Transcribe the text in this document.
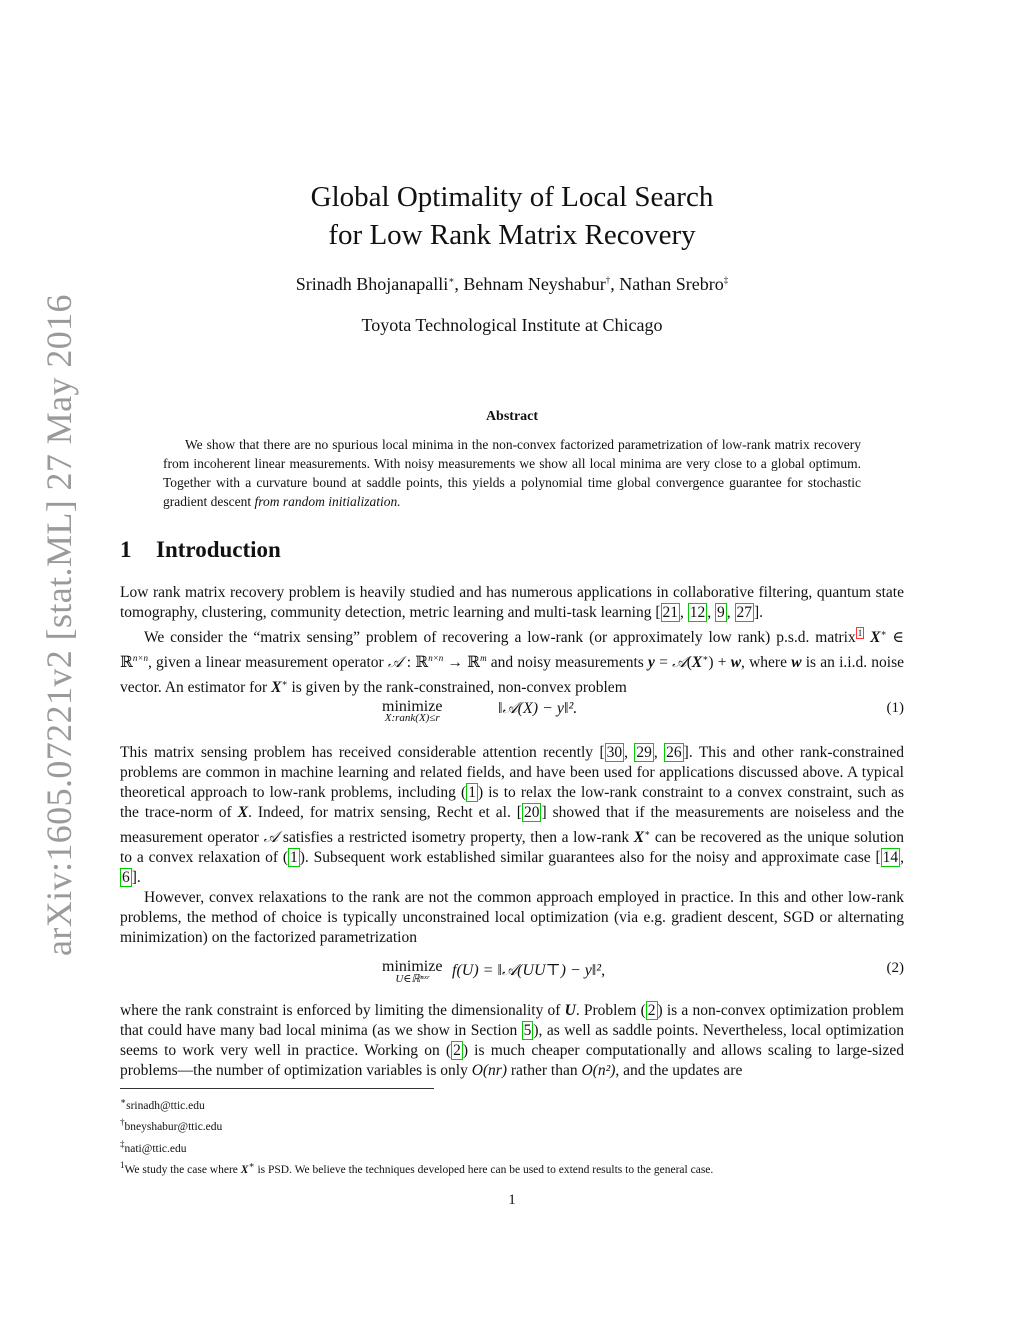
arXiv:1605.07221v2 [stat.ML] 27 May 2016
Global Optimality of Local Search
for Low Rank Matrix Recovery
Srinadh Bhojanapalli∗, Behnam Neyshabur†, Nathan Srebro‡
Toyota Technological Institute at Chicago
Abstract

We show that there are no spurious local minima in the non-convex factorized parametrization of low-rank matrix recovery from incoherent linear measurements. With noisy measurements we show all local minima are very close to a global optimum. Together with a curvature bound at saddle points, this yields a polynomial time global convergence guarantee for stochastic gradient descent from random initialization.

1 Introduction

Low rank matrix recovery problem is heavily studied and has numerous applications in collaborative filtering, quantum state tomography, clustering, community detection, metric learning and multi-task learning [ 21 , 12 , 9 , 27 ].

We consider the “matrix sensing” problem of recovering a low-rank (or approximately low rank) p.s.d. matrix $^1$ X∗ ∈ ℝ$^{n\times n}$, given a linear measurement operator 𝒜 : ℝ$^{n\times n}$ → ℝ$^m$ and noisy measurements y = 𝒜(X∗) + w, where w is an i.i.d. noise vector. An estimator for X∗ is given by the rank-constrained, non-convex problem

minimize
X:rank(X)≤r
‖𝒜(X) − y‖².	(1)

This matrix sensing problem has received considerable attention recently [ 30 , 29 , 26 ]. This and other rank-constrained problems are common in machine learning and related fields, and have been used for applications discussed above. A typical theoretical approach to low-rank problems, including ( 1 ) is to relax the low-rank constraint to a convex constraint, such as the trace-norm of X. Indeed, for matrix sensing, Recht et al. [ 20 ] showed that if the measurements are noiseless and the measurement operator 𝒜 satisfies a restricted isometry property, then a low-rank X∗ can be recovered as the unique solution to a convex relaxation of ( 1 ). Subsequent work established similar guarantees also for the noisy and approximate case [ 14 , 6 ].

However, convex relaxations to the rank are not the common approach employed in practice. In this and other low-rank problems, the method of choice is typically unconstrained local optimization (via e.g. gradient descent, SGD or alternating minimization) on the factorized parametrization

minimize
U∈ℝⁿˣʳ	f(U) = ‖𝒜(UU⊤) − y‖²,	(2)

where the rank constraint is enforced by limiting the dimensionality of U. Problem ( 2 ) is a non-convex optimization problem that could have many bad local minima (as we show in Section 5 ), as well as saddle points. Nevertheless, local optimization seems to work very well in practice. Working on ( 2 ) is much cheaper computationally and allows scaling to large-sized problems—the number of optimization variables is only O(nr) rather than O(n²), and the updates are

∗srinadh@ttic.edu
†bneyshabur@ttic.edu
‡nati@ttic.edu
$^1$We study the case where X∗ is PSD. We believe the techniques developed here can be used to extend results to the general case.
1
